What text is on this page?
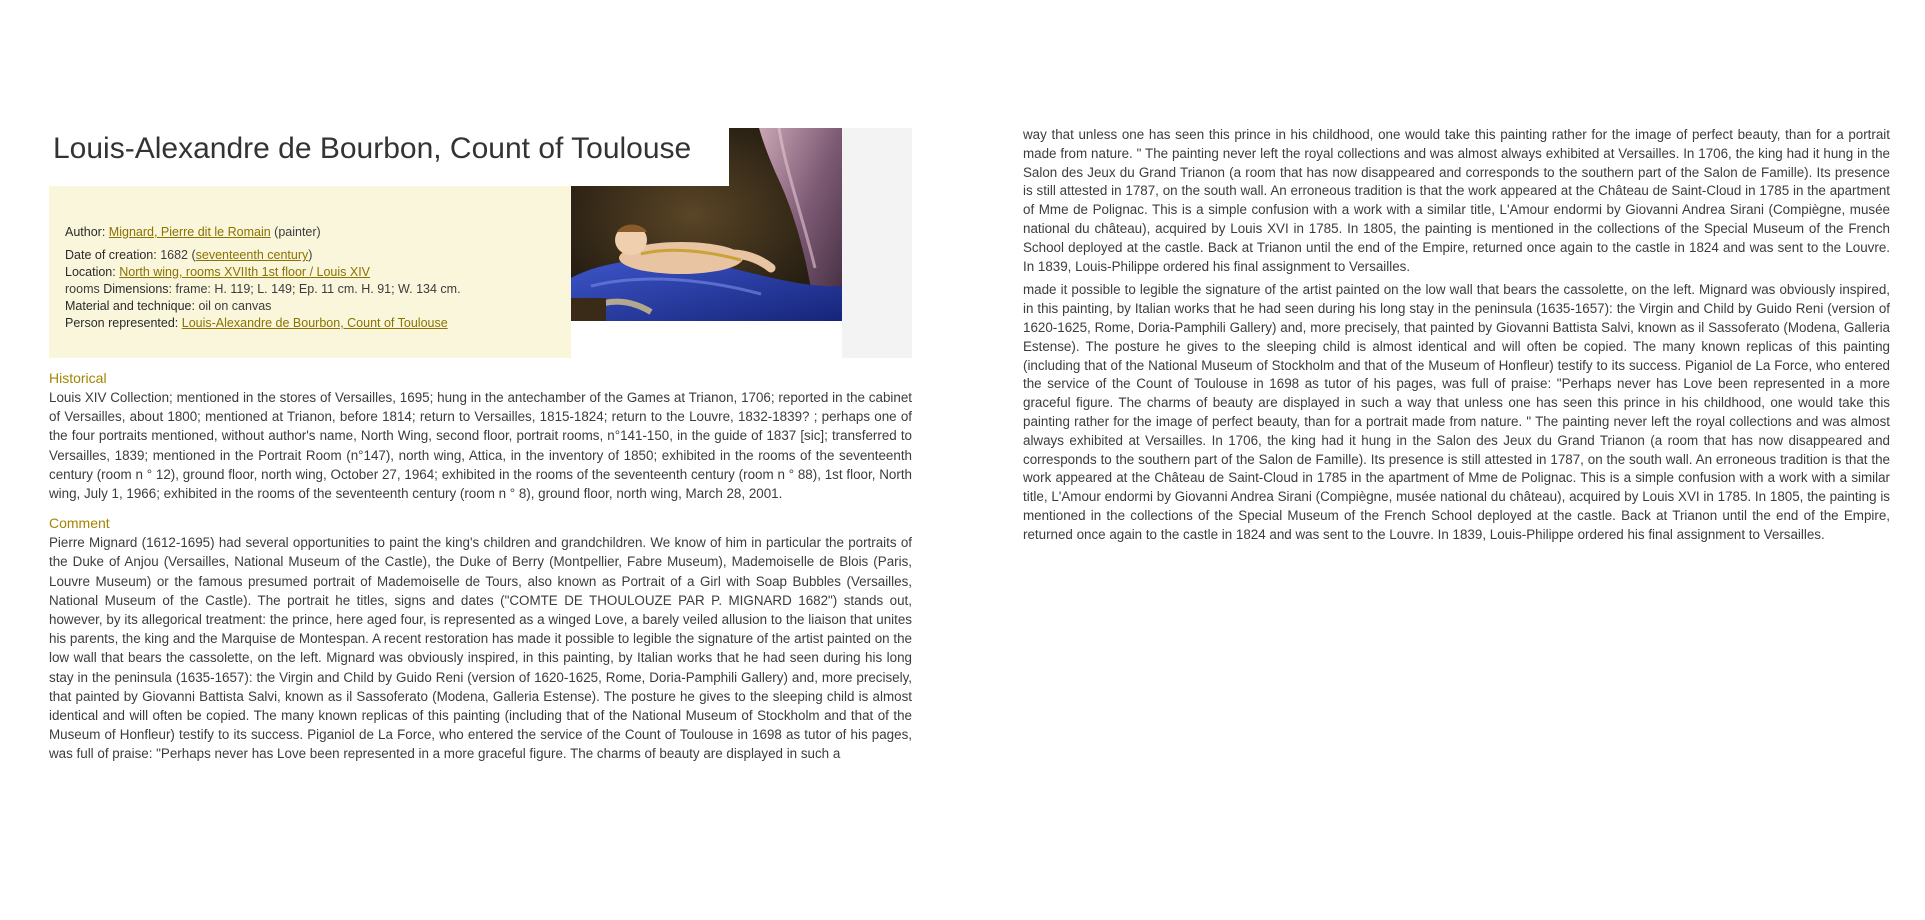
Author: Mignard, Pierre dit le Romain (painter)

Date of creation: 1682 (seventeenth century)

Location: North wing, rooms XVIIth 1st floor / Louis XIV

rooms Dimensions: frame: H. 119; L. 149; Ep. 11 cm. H. 91; W. 134 cm.

Material and technique: oil on canvas

Person represented: Louis-Alexandre de Bourbon, Count of Toulouse

Louis-Alexandre de Bourbon, Count of Toulouse
Historical

Louis XIV Collection; mentioned in the stores of Versailles, 1695; hung in the antechamber of the Games at Trianon, 1706; reported in the cabinet of Versailles, about 1800; mentioned at Trianon, before 1814; return to Versailles, 1815-1824; return to the Louvre, 1832-1839? ; perhaps one of the four portraits mentioned, without author's name, North Wing, second floor, portrait rooms, n°141-150, in the guide of 1837 [sic]; transferred to Versailles, 1839; mentioned in the Portrait Room (n°147), north wing, Attica, in the inventory of 1850; exhibited in the rooms of the seventeenth century (room n ° 12), ground floor, north wing, October 27, 1964; exhibited in the rooms of the seventeenth century (room n ° 88), 1st floor, North wing, July 1, 1966; exhibited in the rooms of the seventeenth century (room n ° 8), ground floor, north wing, March 28, 2001.

Comment

Pierre Mignard (1612-1695) had several opportunities to paint the king's children and grandchildren. We know of him in particular the portraits of the Duke of Anjou (Versailles, National Museum of the Castle), the Duke of Berry (Montpellier, Fabre Museum), Mademoiselle de Blois (Paris, Louvre Museum) or the famous presumed portrait of Mademoiselle de Tours, also known as Portrait of a Girl with Soap Bubbles (Versailles, National Museum of the Castle). The portrait he titles, signs and dates ("COMTE DE THOULOUZE PAR P. MIGNARD 1682") stands out, however, by its allegorical treatment: the prince, here aged four, is represented as a winged Love, a barely veiled allusion to the liaison that unites his parents, the king and the Marquise de Montespan. A recent restoration has made it possible to legible the signature of the artist painted on the low wall that bears the cassolette, on the left. Mignard was obviously inspired, in this painting, by Italian works that he had seen during his long stay in the peninsula (1635-1657): the Virgin and Child by Guido Reni (version of 1620-1625, Rome, Doria-Pamphili Gallery) and, more precisely, that painted by Giovanni Battista Salvi, known as il Sassoferato (Modena, Galleria Estense). The posture he gives to the sleeping child is almost identical and will often be copied. The many known replicas of this painting (including that of the National Museum of Stockholm and that of the Museum of Honfleur) testify to its success. Piganiol de La Force, who entered the service of the Count of Toulouse in 1698 as tutor of his pages, was full of praise: "Perhaps never has Love been represented in a more graceful figure. The charms of beauty are displayed in such a

way that unless one has seen this prince in his childhood, one would take this painting rather for the image of perfect beauty, than for a portrait made from nature. " The painting never left the royal collections and was almost always exhibited at Versailles. In 1706, the king had it hung in the Salon des Jeux du Grand Trianon (a room that has now disappeared and corresponds to the southern part of the Salon de Famille). Its presence is still attested in 1787, on the south wall. An erroneous tradition is that the work appeared at the Château de Saint-Cloud in 1785 in the apartment of Mme de Polignac. This is a simple confusion with a work with a similar title, L'Amour endormi by Giovanni Andrea Sirani (Compiègne, musée national du château), acquired by Louis XVI in 1785. In 1805, the painting is mentioned in the collections of the Special Museum of the French School deployed at the castle. Back at Trianon until the end of the Empire, returned once again to the castle in 1824 and was sent to the Louvre. In 1839, Louis-Philippe ordered his final assignment to Versailles.

made it possible to legible the signature of the artist painted on the low wall that bears the cassolette, on the left. Mignard was obviously inspired, in this painting, by Italian works that he had seen during his long stay in the peninsula (1635-1657): the Virgin and Child by Guido Reni (version of 1620-1625, Rome, Doria-Pamphili Gallery) and, more precisely, that painted by Giovanni Battista Salvi, known as il Sassoferato (Modena, Galleria Estense). The posture he gives to the sleeping child is almost identical and will often be copied. The many known replicas of this painting (including that of the National Museum of Stockholm and that of the Museum of Honfleur) testify to its success. Piganiol de La Force, who entered the service of the Count of Toulouse in 1698 as tutor of his pages, was full of praise: "Perhaps never has Love been represented in a more graceful figure. The charms of beauty are displayed in such a way that unless one has seen this prince in his childhood, one would take this painting rather for the image of perfect beauty, than for a portrait made from nature. " The painting never left the royal collections and was almost always exhibited at Versailles. In 1706, the king had it hung in the Salon des Jeux du Grand Trianon (a room that has now disappeared and corresponds to the southern part of the Salon de Famille). Its presence is still attested in 1787, on the south wall. An erroneous tradition is that the work appeared at the Château de Saint-Cloud in 1785 in the apartment of Mme de Polignac. This is a simple confusion with a work with a similar title, L'Amour endormi by Giovanni Andrea Sirani (Compiègne, musée national du château), acquired by Louis XVI in 1785. In 1805, the painting is mentioned in the collections of the Special Museum of the French School deployed at the castle. Back at Trianon until the end of the Empire, returned once again to the castle in 1824 and was sent to the Louvre. In 1839, Louis-Philippe ordered his final assignment to Versailles.
